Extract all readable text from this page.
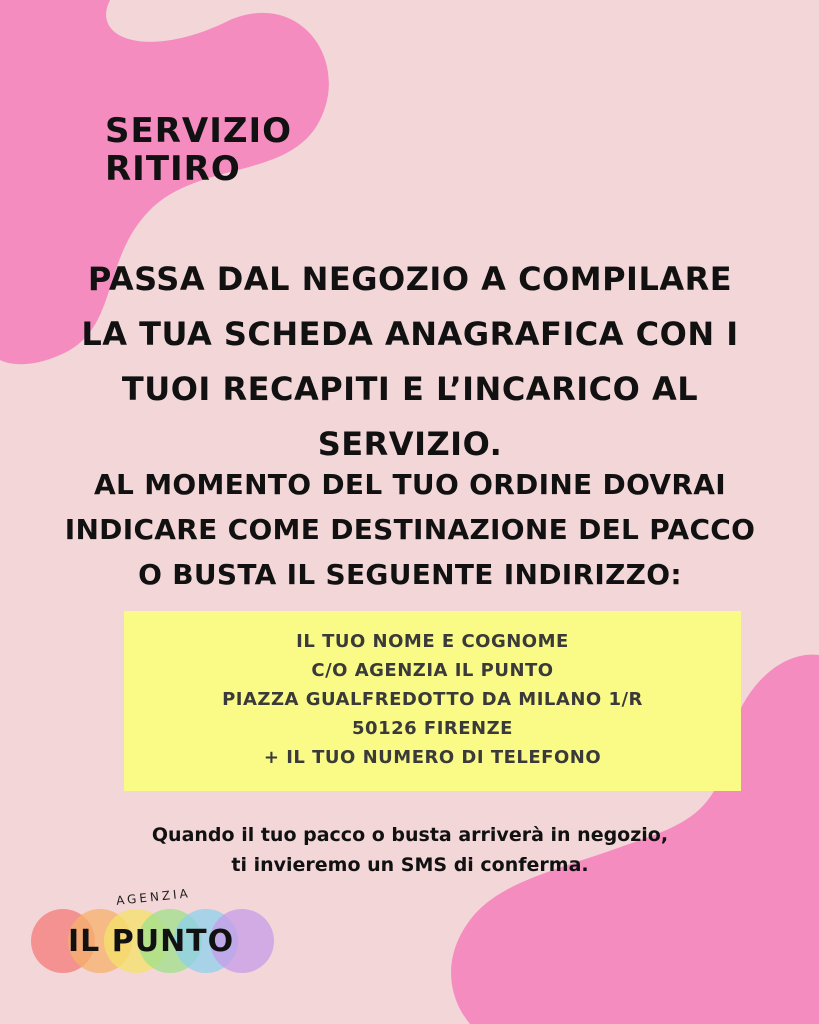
SERVIZIO
RITIRO

PASSA DAL NEGOZIO A COMPILARE LA TUA SCHEDA ANAGRAFICA CON I TUOI RECAPITI E L’INCARICO AL SERVIZIO.

AL MOMENTO DEL TUO ORDINE DOVRAI INDICARE COME DESTINAZIONE DEL PACCO O BUSTA IL SEGUENTE INDIRIZZO:

IL TUO NOME E COGNOME
C/O AGENZIA IL PUNTO
PIAZZA GUALFREDOTTO DA MILANO 1/R
50126 FIRENZE
+ IL TUO NUMERO DI TELEFONO

Quando il tuo pacco o busta arriverà in negozio, ti invieremo un SMS di conferma.

AGENZIA
IL PUNTO
